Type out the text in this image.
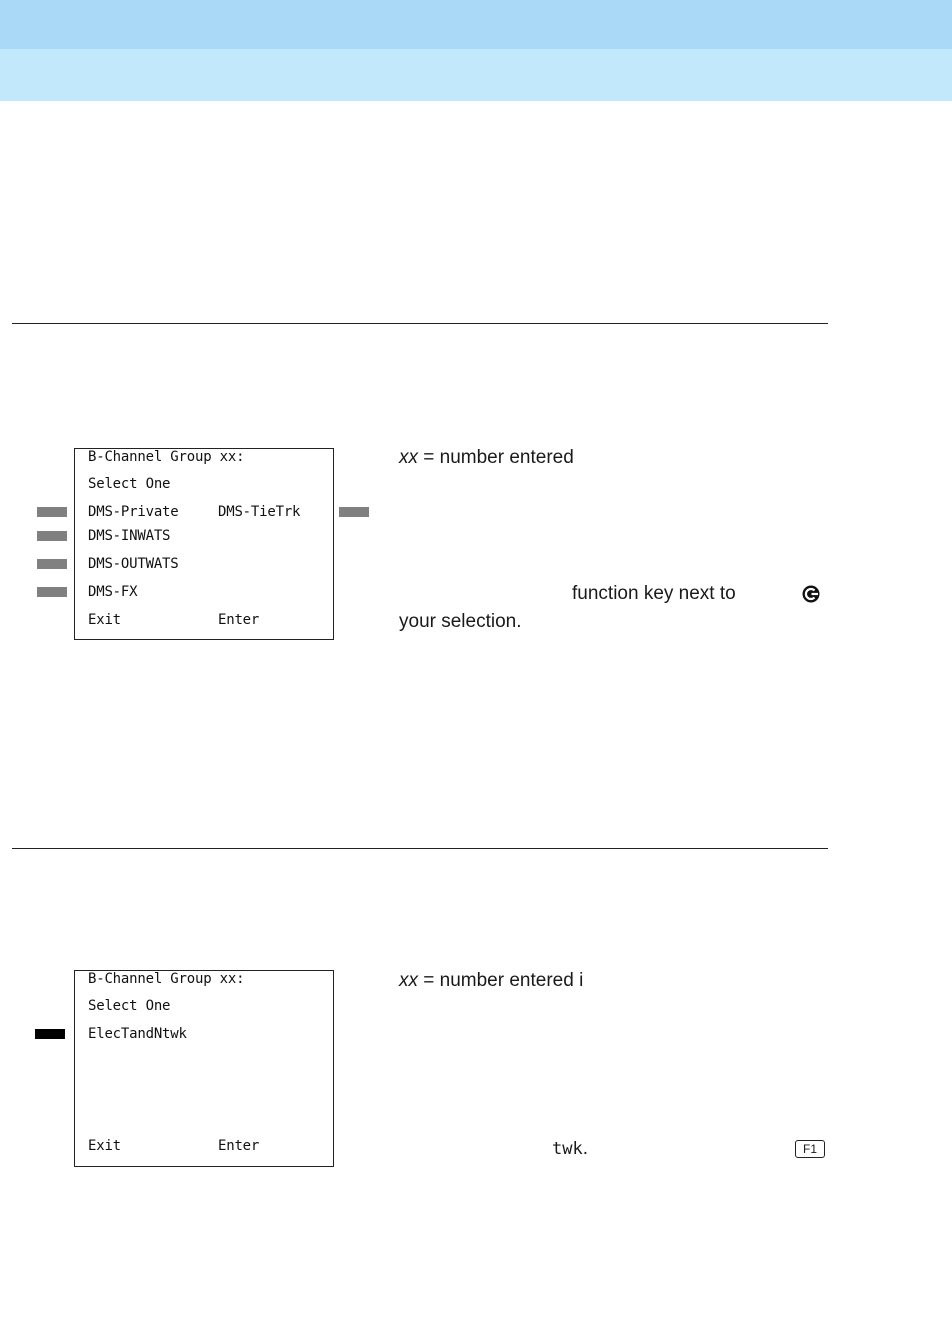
B-Channel Group xx:
Select One
DMS-Private	DMS-TieTrk
DMS-INWATS
DMS-OUTWATS
DMS-FX
Exit	Enter
xx = number entered
function key next to
your selection.
B-Channel Group xx:
Select One
ElecTandNtwk
Exit	Enter
xx = number entered i
twk.	F1
